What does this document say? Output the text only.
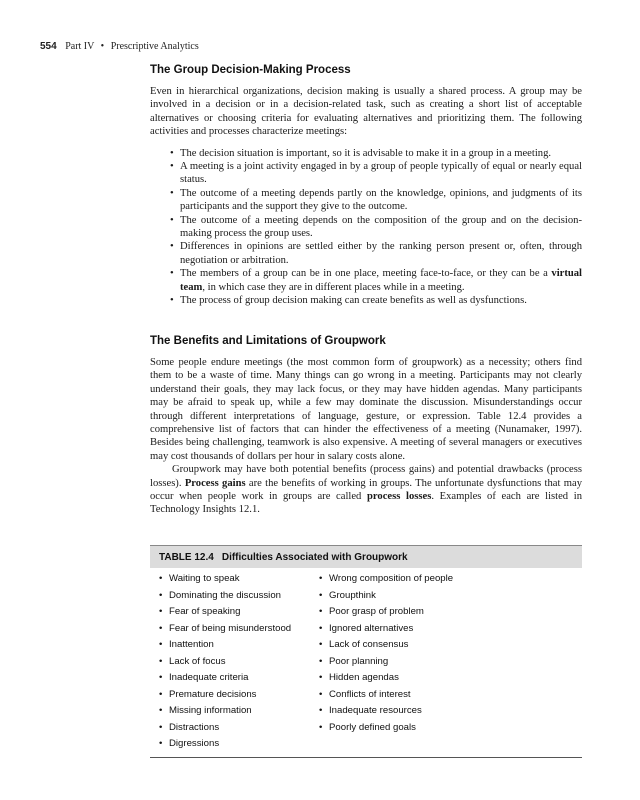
554 Part IV • Prescriptive Analytics
The Group Decision-Making Process

Even in hierarchical organizations, decision making is usually a shared process. A group may be involved in a decision or in a decision-related task, such as creating a short list of acceptable alternatives or choosing criteria for evaluating alternatives and prioritizing them. The following activities and processes characterize meetings:

• The decision situation is important, so it is advisable to make it in a group in a meeting.
• A meeting is a joint activity engaged in by a group of people typically of equal or nearly equal status.
• The outcome of a meeting depends partly on the knowledge, opinions, and judgments of its participants and the support they give to the outcome.
• The outcome of a meeting depends on the composition of the group and on the decision-making process the group uses.
• Differences in opinions are settled either by the ranking person present or, often, through negotiation or arbitration.
• The members of a group can be in one place, meeting face-to-face, or they can be a virtual team, in which case they are in different places while in a meeting.
• The process of group decision making can create benefits as well as dysfunctions.
The Benefits and Limitations of Groupwork

Some people endure meetings (the most common form of groupwork) as a necessity; others find them to be a waste of time. Many things can go wrong in a meeting. Participants may not clearly understand their goals, they may lack focus, or they may have hidden agendas. Many participants may be afraid to speak up, while a few may dominate the discussion. Misunderstandings occur through different interpretations of language, gesture, or expression. Table 12.4 provides a comprehensive list of factors that can hinder the effectiveness of a meeting (Nunamaker, 1997). Besides being challenging, teamwork is also expensive. A meeting of several managers or executives may cost thousands of dollars per hour in salary costs alone.

Groupwork may have both potential benefits (process gains) and potential drawbacks (process losses). Process gains are the benefits of working in groups. The unfortunate dysfunctions that may occur when people work in groups are called process losses. Examples of each are listed in Technology Insights 12.1.

TABLE 12.4 Difficulties Associated with Groupwork
• Waiting to speak
• Dominating the discussion
• Fear of speaking
• Fear of being misunderstood
• Inattention
• Lack of focus
• Inadequate criteria
• Premature decisions
• Missing information
• Distractions
• Digressions
• Wrong composition of people
• Groupthink
• Poor grasp of problem
• Ignored alternatives
• Lack of consensus
• Poor planning
• Hidden agendas
• Conflicts of interest
• Inadequate resources
• Poorly defined goals
